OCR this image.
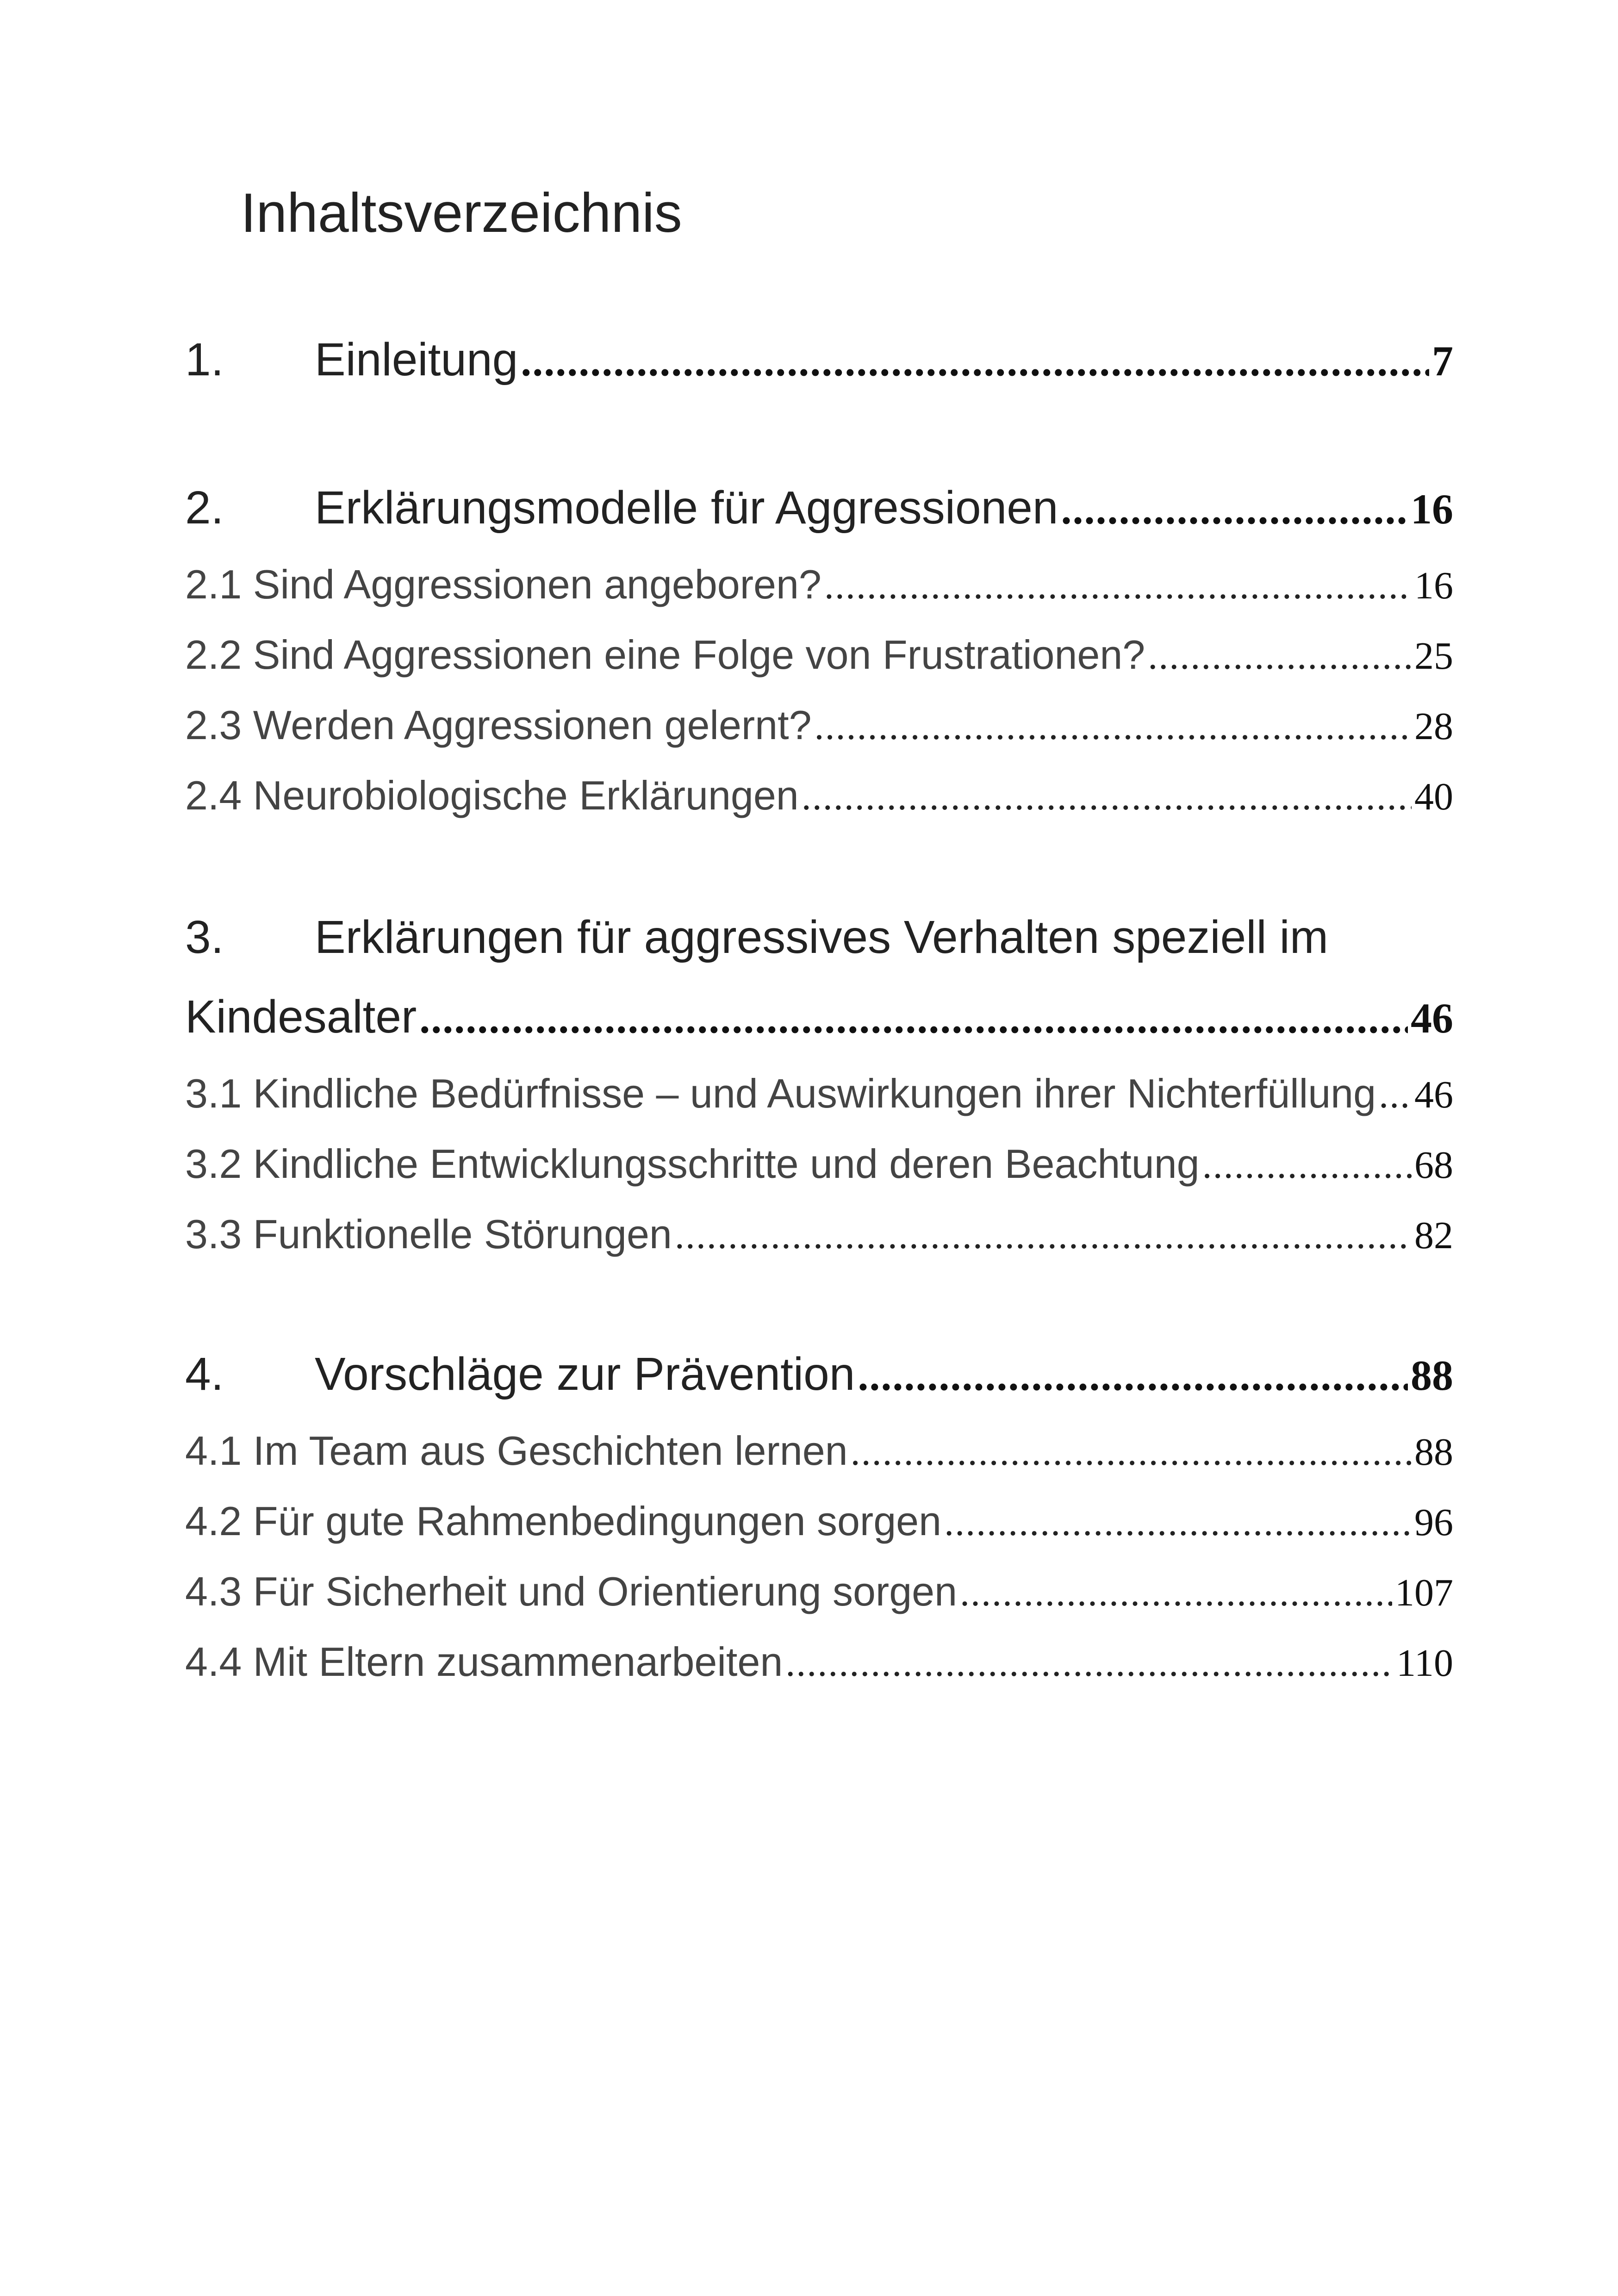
Inhaltsverzeichnis
1. Einleitung .....	7
2. Erklärungsmodelle für Aggressionen .....	16
2.1 Sind Aggressionen angeboren? .....	16
2.2 Sind Aggressionen eine Folge von Frustrationen? .....	25
2.3 Werden Aggressionen gelernt? .....	28
2.4 Neurobiologische Erklärungen .....	40
3. Erklärungen für aggressives Verhalten speziell im
Kindesalter .....	46
3.1 Kindliche Bedürfnisse – und Auswirkungen ihrer Nichterfüllung ..... 46
3.2 Kindliche Entwicklungsschritte und deren Beachtung .....	68
3.3 Funktionelle Störungen .....	82
4. Vorschläge zur Prävention .....	88
4.1 Im Team aus Geschichten lernen .....	88
4.2 Für gute Rahmenbedingungen sorgen .....	96
4.3 Für Sicherheit und Orientierung sorgen .....	107
4.4 Mit Eltern zusammenarbeiten .....	110
